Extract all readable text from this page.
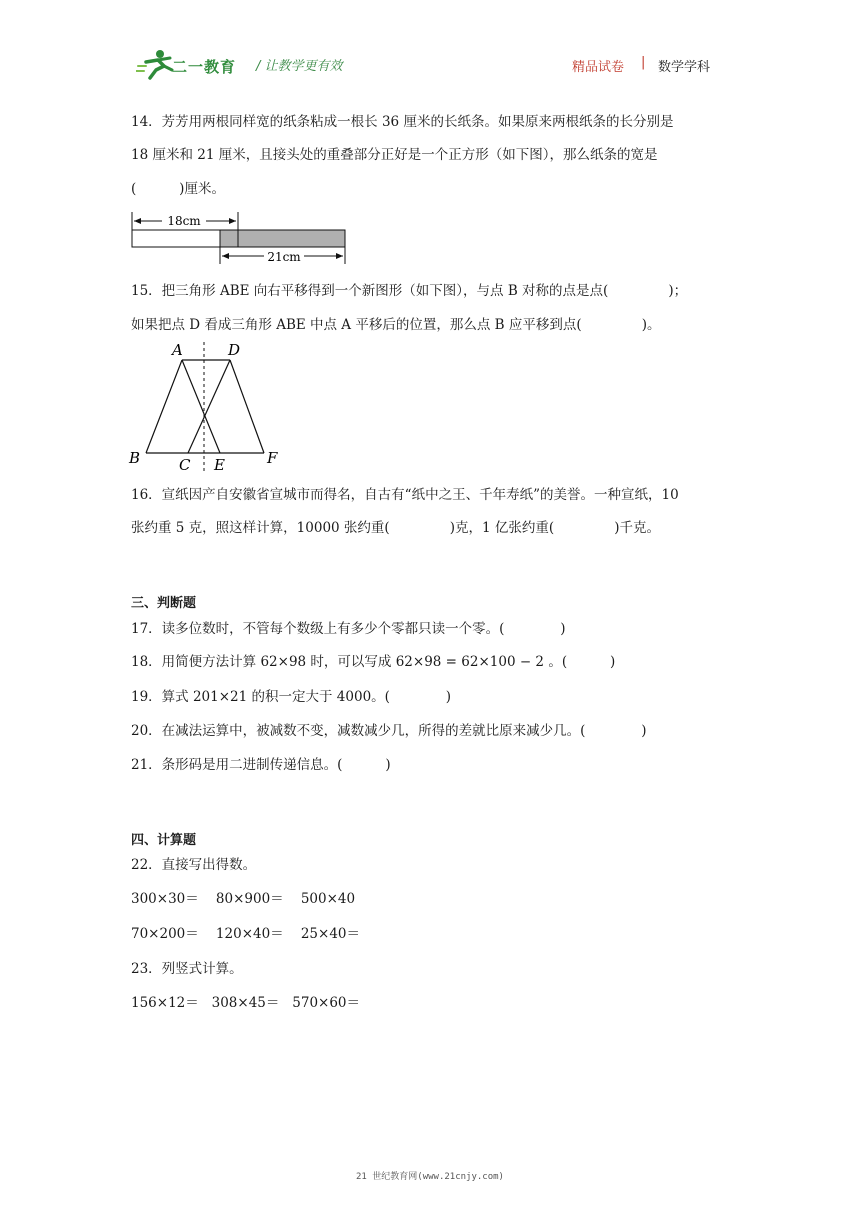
二一教育 / 让教学更有效	精品试卷 | 数学学科
14．芳芳用两根同样宽的纸条粘成一根长 36 厘米的长纸条。如果原来两根纸条的长分别是
18 厘米和 21 厘米，且接头处的重叠部分正好是一个正方形（如下图），那么纸条的宽是
(          )厘米。
18cm
21cm
15．把三角形 ABE 向右平移得到一个新图形（如下图），与点 B 对称的点是点(              )；
如果把点 D 看成三角形 ABE 中点 A 平移后的位置，那么点 B 应平移到点(              )。
A	D
B	C E	F
16．宣纸因产自安徽省宣城市而得名，自古有“纸中之王、千年寿纸”的美誉。一种宣纸，10
张约重 5 克，照这样计算，10000 张约重(              )克，1 亿张约重(              )千克。
三、判断题
17．读多位数时，不管每个数级上有多少个零都只读一个零。(             )
18．用简便方法计算 62×98 时，可以写成 62×98 = 62×100 − 2 。(          )
19．算式 201×21 的积一定大于 4000。(             )
20．在减法运算中，被减数不变，减数减少几，所得的差就比原来减少几。(             )
21．条形码是用二进制传递信息。(          )
四、计算题
22．直接写出得数。
300×30＝    80×900＝    500×40
70×200＝    120×40＝    25×40＝
23．列竖式计算。
156×12＝   308×45＝   570×60＝
21 世纪教育网(www.21cnjy.com)
